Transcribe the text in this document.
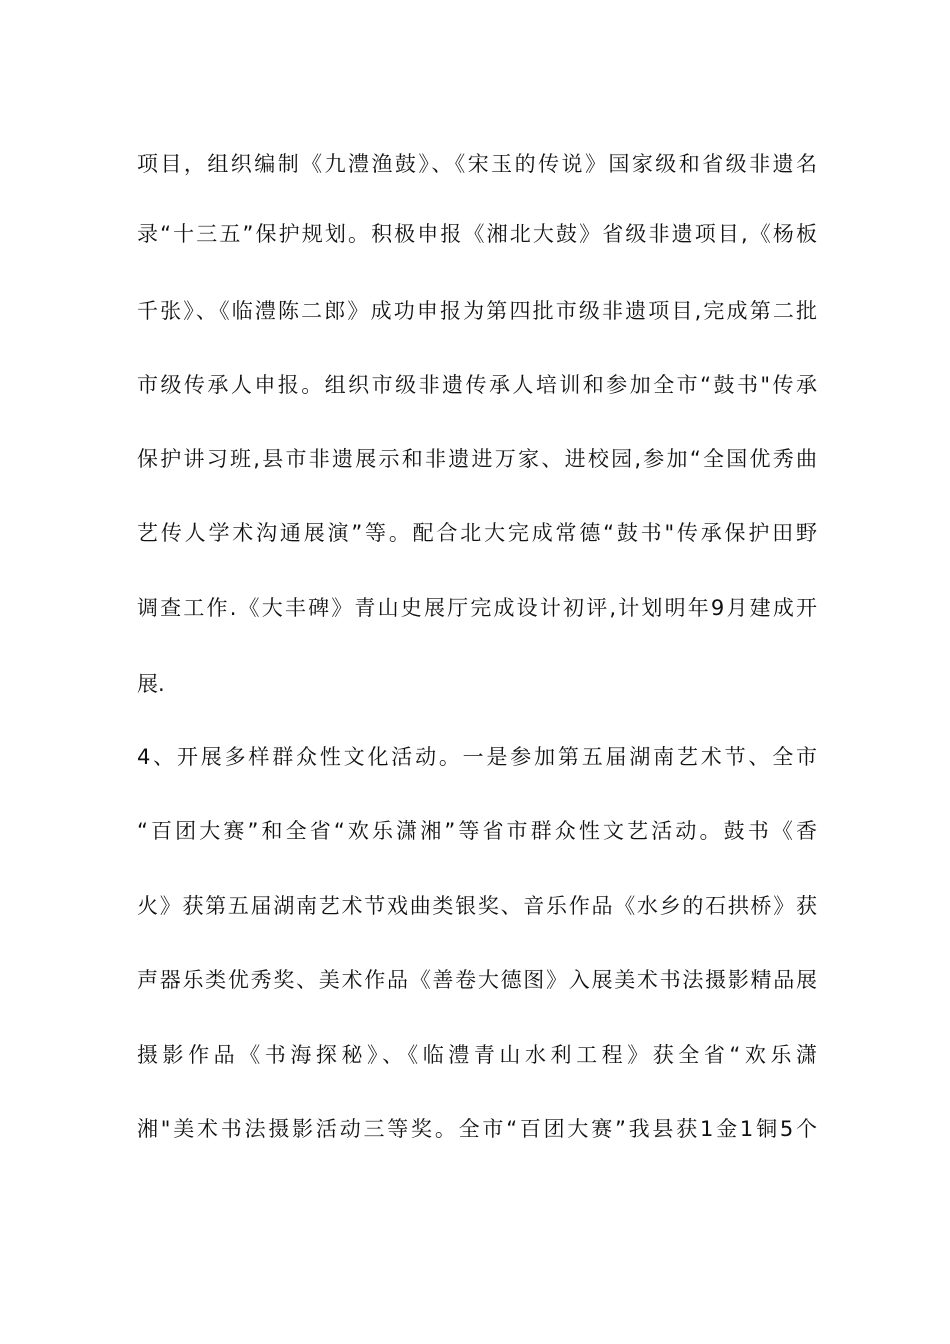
项目，组织编制《九澧渔鼓》、《宋玉的传说》国家级和省级非遗名
录“十三五”保护规划。积极申报《湘北大鼓》省级非遗项目,《杨板
千张》、《临澧陈二郎》成功申报为第四批市级非遗项目,完成第二批
市级传承人申报。组织市级非遗传承人培训和参加全市“鼓书"传承
保护讲习班,县市非遗展示和非遗进万家、进校园,参加“全国优秀曲
艺传人学术沟通展演”等。配合北大完成常德“鼓书"传承保护田野
调查工作.《大丰碑》青山史展厅完成设计初评,计划明年9月建成开
展.
4、开展多样群众性文化活动。一是参加第五届湖南艺术节、全市
“百团大赛”和全省“欢乐潇湘”等省市群众性文艺活动。鼓书《香
火》获第五届湖南艺术节戏曲类银奖、音乐作品《水乡的石拱桥》获
声器乐类优秀奖、美术作品《善卷大德图》入展美术书法摄影精品展
摄影作品《书海探秘》、《临澧青山水利工程》获全省“欢乐潇
湘"美术书法摄影活动三等奖。全市“百团大赛”我县获1金1铜5个
